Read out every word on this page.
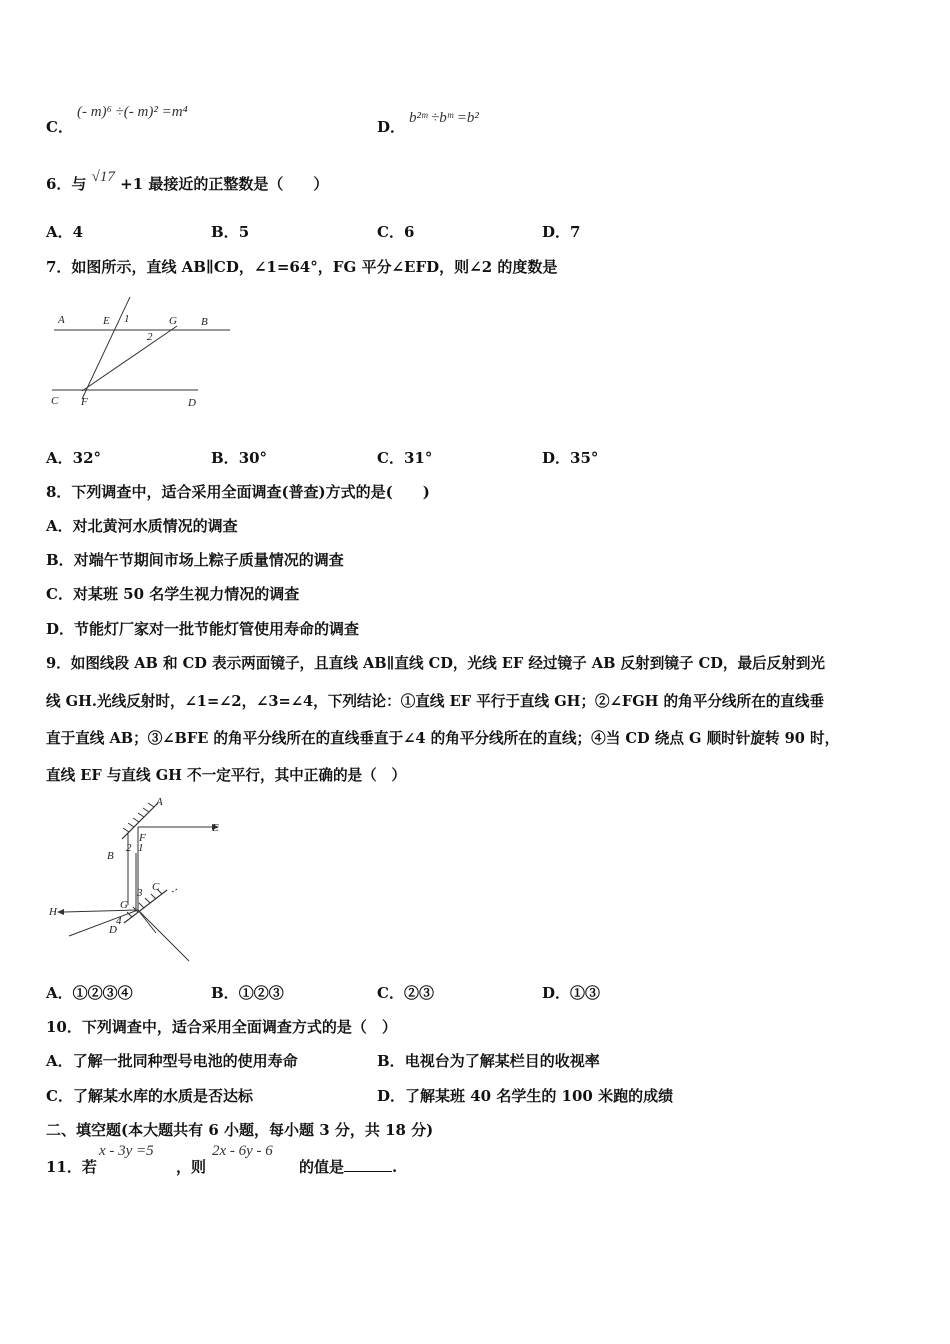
C．
(- m)⁶ ÷(- m)² =m⁴
D． b²ᵐ ÷bᵐ =b²
6．与 √17 +1 最接近的正整数是（　　）
A．4	B．5	C．6	D．7
7．如图所示，直线 AB∥CD，∠1=64°，FG 平分∠EFD，则∠2 的度数是
A	E 1	G B
2
C F	D
A．32°	B．30°	C．31°	D．35°
8．下列调查中，适合采用全面调查(普查)方式的是(　　)
A．对北黄河水质情况的调查
B．对端午节期间市场上粽子质量情况的调查
C．对某班 50 名学生视力情况的调查
D．节能灯厂家对一批节能灯管使用寿命的调查
9．如图线段 AB 和 CD 表示两面镜子，且直线 AB∥直线 CD，光线 EF 经过镜子 AB 反射到镜子 CD，最后反射到光
线 GH.光线反射时，∠1=∠2，∠3=∠4，下列结论：①直线 EF 平行于直线 GH；②∠FGH 的角平分线所在的直线垂
直于直线 AB；③∠BFE 的角平分线所在的直线垂直于∠4 的角平分线所在的直线；④当 CD 绕点 G 顺时针旋转 90 时，
直线 EF 与直线 GH 不一定平行，其中正确的是（　）
A
E
F
B
2 1
C
3
H
G
4
D
A．①②③④	B．①②③	C．②③	D．①③
10．下列调查中，适合采用全面调查方式的是（　）
A．了解一批同种型号电池的使用寿命	B．电视台为了解某栏目的收视率
C．了解某水库的水质是否达标	D．了解某班 40 名学生的 100 米跑的成绩
二、填空题(本大题共有 6 小题，每小题 3 分，共 18 分)
11．若
x - 3y =5
，则
2x - 6y - 6
的值是	.
